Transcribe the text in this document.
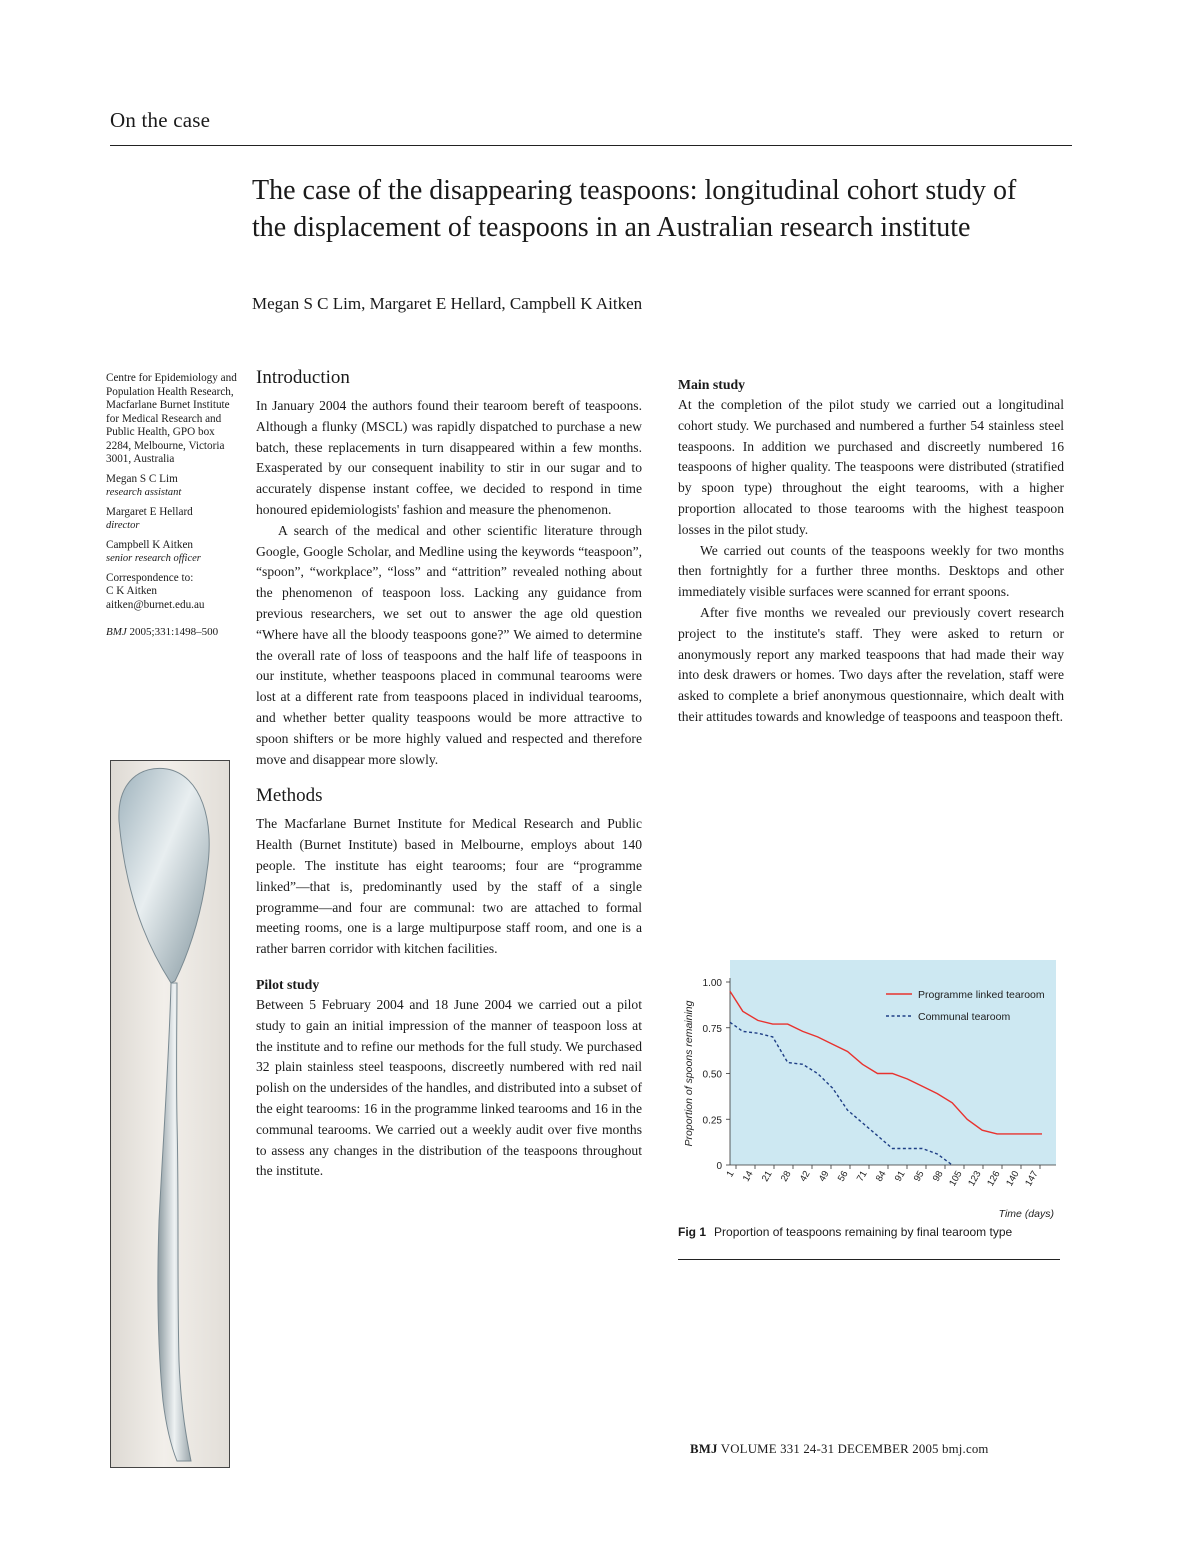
On the case
The case of the disappearing teaspoons: longitudinal cohort study of the displacement of teaspoons in an Australian research institute
Megan S C Lim, Margaret E Hellard, Campbell K Aitken

Centre for Epidemiology and Population Health Research, Macfarlane Burnet Institute for Medical Research and Public Health, GPO box 2284, Melbourne, Victoria 3001, Australia

Megan S C Lim
research assistant

Margaret E Hellard
director

Campbell K Aitken
senior research officer

Correspondence to:
C K Aitken
aitken@burnet.edu.au

BMJ 2005;331:1498–500

Introduction

In January 2004 the authors found their tearoom bereft of teaspoons. Although a flunky (MSCL) was rapidly dispatched to purchase a new batch, these replacements in turn disappeared within a few months. Exasperated by our consequent inability to stir in our sugar and to accurately dispense instant coffee, we decided to respond in time honoured epidemiologists' fashion and measure the phenomenon.

A search of the medical and other scientific literature through Google, Google Scholar, and Medline using the keywords “teaspoon”, “spoon”, “workplace”, “loss” and “attrition” revealed nothing about the phenomenon of teaspoon loss. Lacking any guidance from previous researchers, we set out to answer the age old question “Where have all the bloody teaspoons gone?” We aimed to determine the overall rate of loss of teaspoons and the half life of teaspoons in our institute, whether teaspoons placed in communal tearooms were lost at a different rate from teaspoons placed in individual tearooms, and whether better quality teaspoons would be more attractive to spoon shifters or be more highly valued and respected and therefore move and disappear more slowly.

Methods

The Macfarlane Burnet Institute for Medical Research and Public Health (Burnet Institute) based in Melbourne, employs about 140 people. The institute has eight tearooms; four are “programme linked”—that is, predominantly used by the staff of a single programme—and four are communal: two are attached to formal meeting rooms, one is a large multipurpose staff room, and one is a rather barren corridor with kitchen facilities.

Pilot study

Between 5 February 2004 and 18 June 2004 we carried out a pilot study to gain an initial impression of the manner of teaspoon loss at the institute and to refine our methods for the full study. We purchased 32 plain stainless steel teaspoons, discreetly numbered with red nail polish on the undersides of the handles, and distributed into a subset of the eight tearooms: 16 in the programme linked tearooms and 16 in the communal tearooms. We carried out a weekly audit over five months to assess any changes in the distribution of the teaspoons throughout the institute.

Main study

At the completion of the pilot study we carried out a longitudinal cohort study. We purchased and numbered a further 54 stainless steel teaspoons. In addition we purchased and discreetly numbered 16 teaspoons of higher quality. The teaspoons were distributed (stratified by spoon type) throughout the eight tearooms, with a higher proportion allocated to those tearooms with the highest teaspoon losses in the pilot study.

We carried out counts of the teaspoons weekly for two months then fortnightly for a further three months. Desktops and other immediately visible surfaces were scanned for errant spoons.

After five months we revealed our previously covert research project to the institute's staff. They were asked to return or anonymously report any marked teaspoons that had made their way into desk drawers or homes. Two days after the revelation, staff were asked to complete a brief anonymous questionnaire, which dealt with their attitudes towards and knowledge of teaspoons and teaspoon theft.

0
0.25
0.50
0.75
1.00
1 14 21 28 42 49 56 71 84 91 95 98 105 123 126 140 147
Time (days)
Proportion of spoons remaining
Programme linked tearoom
Communal tearoom
Fig 1 Proportion of teaspoons remaining by final tearoom type
BMJ VOLUME 331 24-31 DECEMBER 2005 bmj.com
